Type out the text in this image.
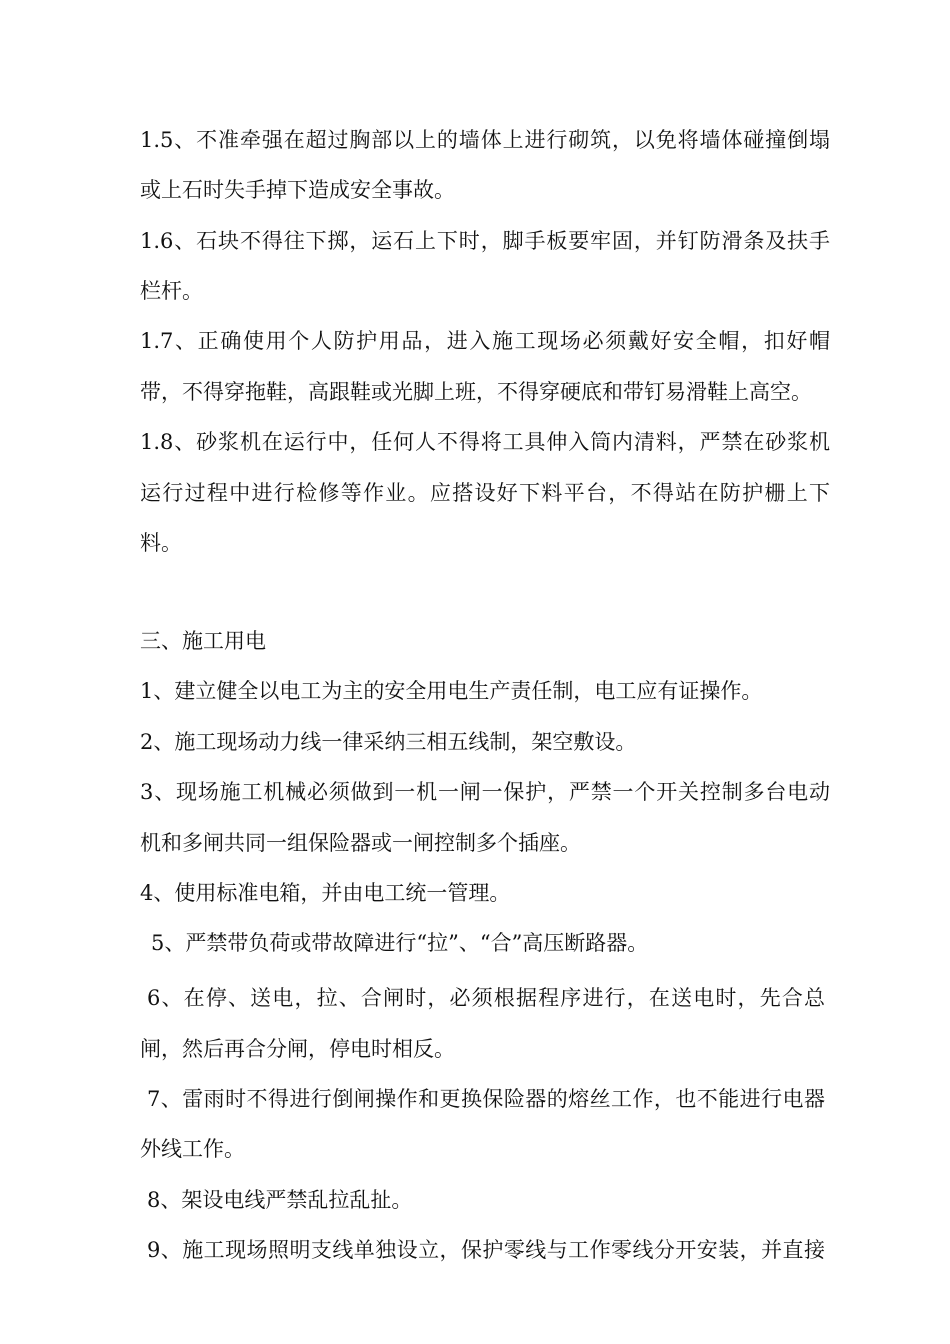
1.5、不准牵强在超过胸部以上的墙体上进行砌筑，以免将墙体碰撞倒塌
或上石时失手掉下造成安全事故。
1.6、石块不得往下掷，运石上下时，脚手板要牢固，并钉防滑条及扶手
栏杆。
1.7、正确使用个人防护用品，进入施工现场必须戴好安全帽，扣好帽
带，不得穿拖鞋，高跟鞋或光脚上班，不得穿硬底和带钉易滑鞋上高空。
1.8、砂浆机在运行中，任何人不得将工具伸入筒内清料，严禁在砂浆机
运行过程中进行检修等作业。应搭设好下料平台，不得站在防护栅上下
料。
三、施工用电
1、建立健全以电工为主的安全用电生产责任制，电工应有证操作。
2、施工现场动力线一律采纳三相五线制，架空敷设。
3、现场施工机械必须做到一机一闸一保护，严禁一个开关控制多台电动
机和多闸共同一组保险器或一闸控制多个插座。
4、使用标准电箱，并由电工统一管理。
5、严禁带负荷或带故障进行“拉”、“合”高压断路器。
6、在停、送电，拉、合闸时，必须根据程序进行，在送电时，先合总
闸，然后再合分闸，停电时相反。
7、雷雨时不得进行倒闸操作和更换保险器的熔丝工作，也不能进行电器
外线工作。
8、架设电线严禁乱拉乱扯。
9、施工现场照明支线单独设立，保护零线与工作零线分开安装，并直接
